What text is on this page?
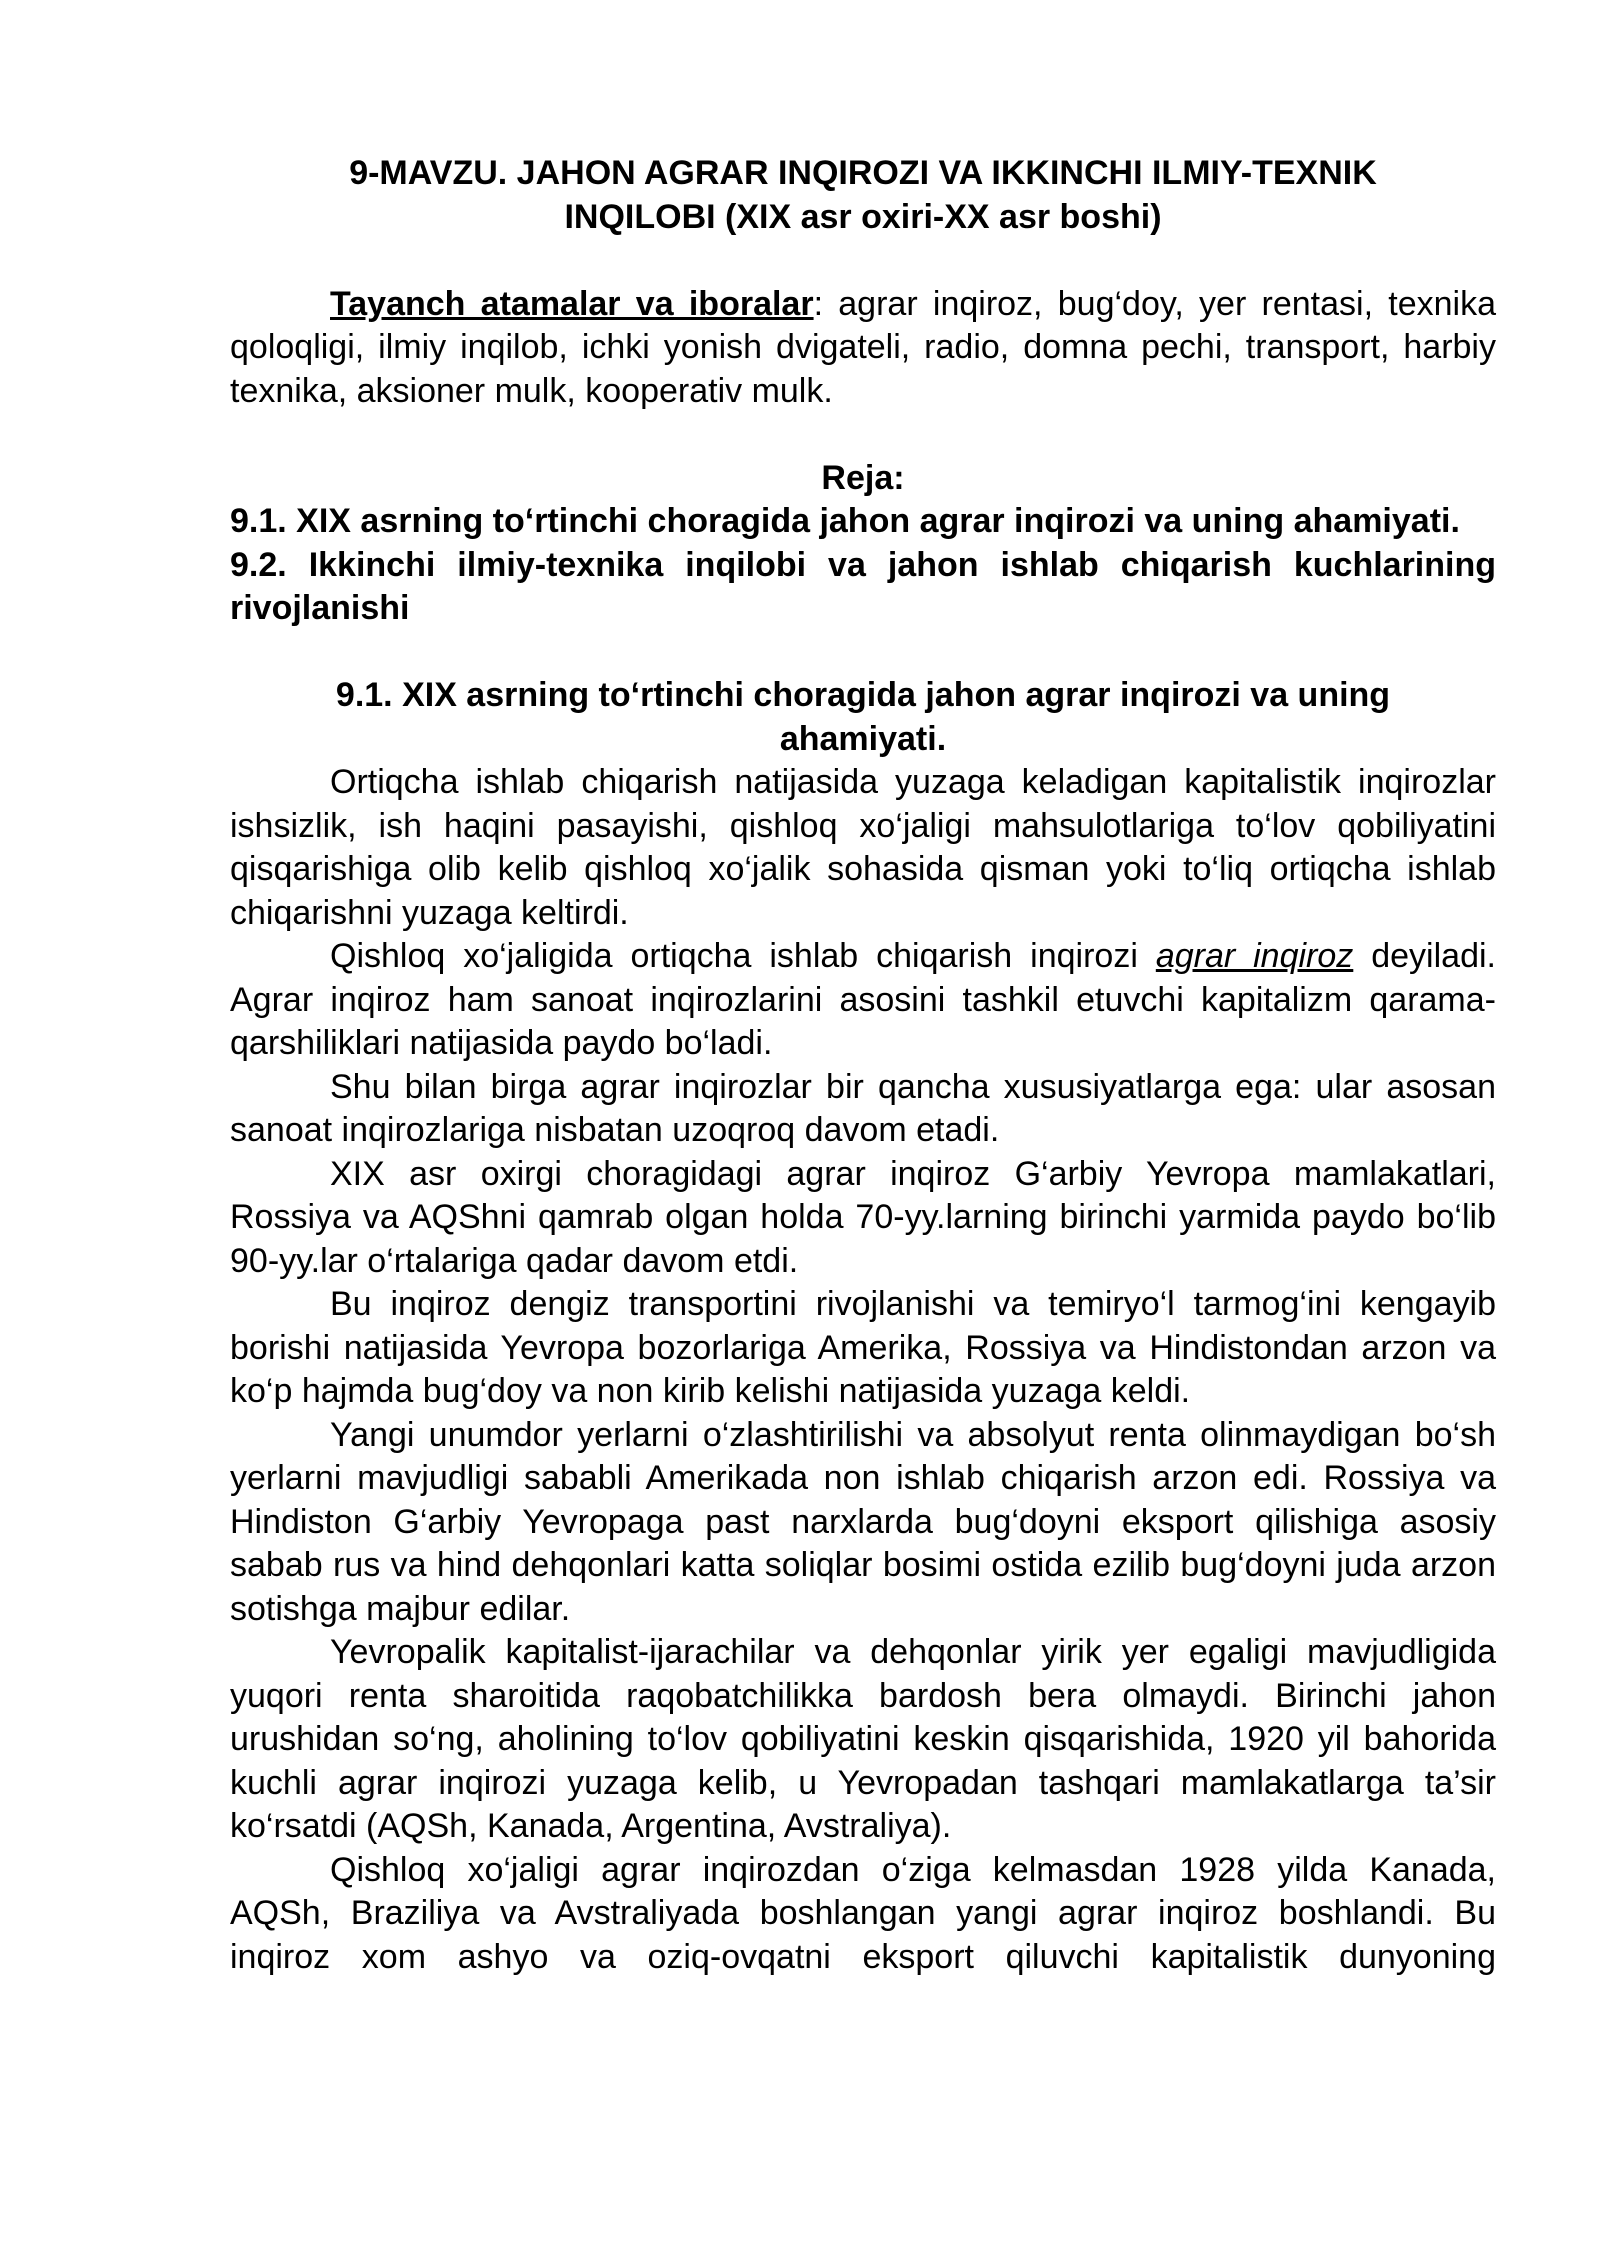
9-MAVZU. JAHON AGRAR INQIROZI VA IKKINCHI ILMIY-TEXNIK INQILOBI (XIX asr oxiri-XX asr boshi)

Tayanch atamalar va iboralar: agrar inqiroz, bug‘doy, yer rentasi, texnika qoloqligi, ilmiy inqilob, ichki yonish dvigateli, radio, domna pechi, transport, harbiy texnika, aksioner mulk, kooperativ mulk.

Reja:

9.1. XIX asrning to‘rtinchi choragida jahon agrar inqirozi va uning ahamiyati.

9.2. Ikkinchi ilmiy-texnika inqilobi va jahon ishlab chiqarish kuchlarining rivojlanishi

9.1. XIX asrning to‘rtinchi choragida jahon agrar inqirozi va uning ahamiyati.

Ortiqcha ishlab chiqarish natijasida yuzaga keladigan kapitalistik inqirozlar ishsizlik, ish haqini pasayishi, qishloq xo‘jaligi mahsulotlariga to‘lov qobiliyatini qisqarishiga olib kelib qishloq xo‘jalik sohasida qisman yoki to‘liq ortiqcha ishlab chiqarishni yuzaga keltirdi.

Qishloq xo‘jaligida ortiqcha ishlab chiqarish inqirozi agrar inqiroz deyiladi. Agrar inqiroz ham sanoat inqirozlarini asosini tashkil etuvchi kapitalizm qarama-qarshiliklari natijasida paydo bo‘ladi.

Shu bilan birga agrar inqirozlar bir qancha xususiyatlarga ega: ular asosan sanoat inqirozlariga nisbatan uzoqroq davom etadi.

XIX asr oxirgi choragidagi agrar inqiroz G‘arbiy Yevropa mamlakatlari, Rossiya va AQShni qamrab olgan holda 70-yy.larning birinchi yarmida paydo bo‘lib 90-yy.lar o‘rtalariga qadar davom etdi.

Bu inqiroz dengiz transportini rivojlanishi va temiryo‘l tarmog‘ini kengayib borishi natijasida Yevropa bozorlariga Amerika, Rossiya va Hindistondan arzon va ko‘p hajmda bug‘doy va non kirib kelishi natijasida yuzaga keldi.

Yangi unumdor yerlarni o‘zlashtirilishi va absolyut renta olinmaydigan bo‘sh yerlarni mavjudligi sababli Amerikada non ishlab chiqarish arzon edi. Rossiya va Hindiston G‘arbiy Yevropaga past narxlarda bug‘doyni eksport qilishiga asosiy sabab rus va hind dehqonlari katta soliqlar bosimi ostida ezilib bug‘doyni juda arzon sotishga majbur edilar.

Yevropalik kapitalist-ijarachilar va dehqonlar yirik yer egaligi mavjudligida yuqori renta sharoitida raqobatchilikka bardosh bera olmaydi. Birinchi jahon urushidan so‘ng, aholining to‘lov qobiliyatini keskin qisqarishida, 1920 yil bahorida kuchli agrar inqirozi yuzaga kelib, u Yevropadan tashqari mamlakatlarga ta’sir ko‘rsatdi (AQSh, Kanada, Argentina, Avstraliya).

Qishloq xo‘jaligi agrar inqirozdan o‘ziga kelmasdan 1928 yilda Kanada, AQSh, Braziliya va Avstraliyada boshlangan yangi agrar inqiroz boshlandi. Bu inqiroz xom ashyo va oziq-ovqatni eksport qiluvchi kapitalistik dunyoning
